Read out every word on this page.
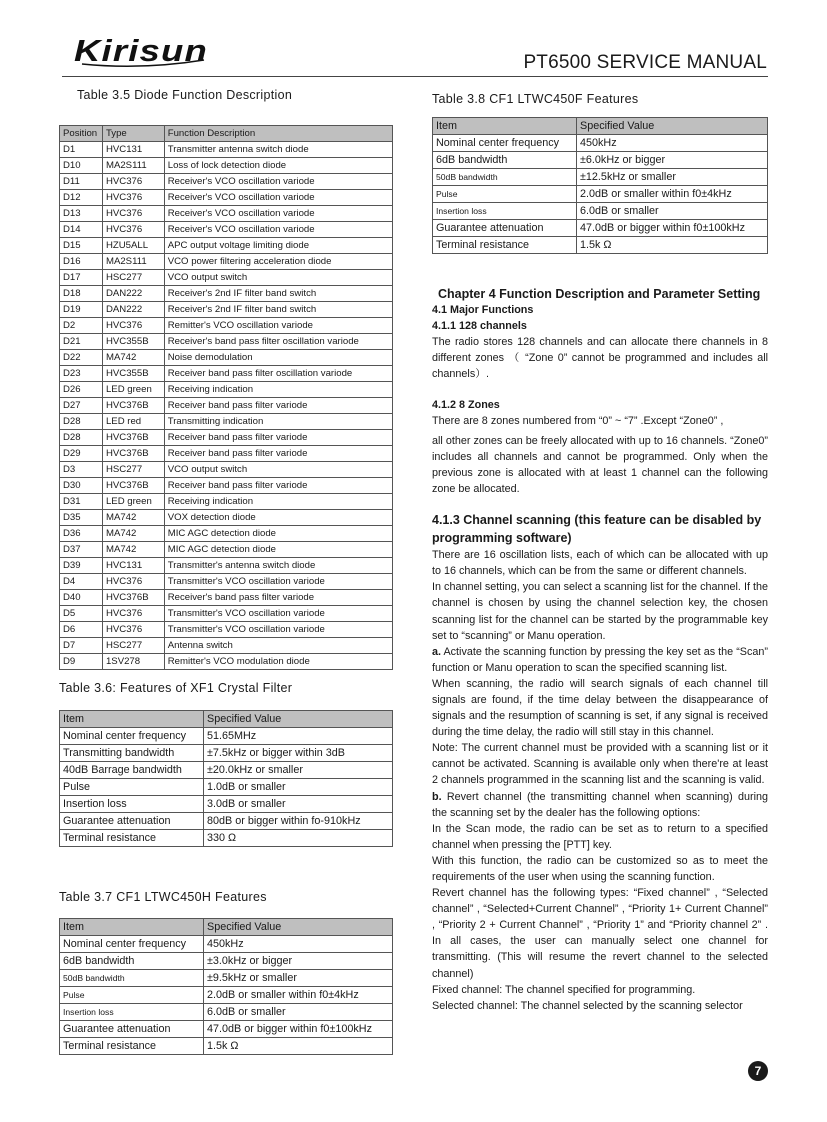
Kirisun	PT6500 SERVICE MANUAL
Table 3.5 Diode Function Description
Position	Type	Function Description
D1	HVC131	Transmitter antenna switch diode
D10	MA2S111	Loss of lock detection diode
D11	HVC376	Receiver's VCO oscillation variode
D12	HVC376	Receiver's VCO oscillation variode
D13	HVC376	Receiver's VCO oscillation variode
D14	HVC376	Receiver's VCO oscillation variode
D15	HZU5ALL	APC output voltage limiting diode
D16	MA2S111	VCO power filtering acceleration diode
D17	HSC277	VCO output switch
D18	DAN222	Receiver's 2nd IF filter band switch
D19	DAN222	Receiver's 2nd IF filter band switch
D2	HVC376	Remitter's VCO oscillation variode
D21	HVC355B	Receiver's band pass filter oscillation variode
D22	MA742	Noise demodulation
D23	HVC355B	Receiver band pass filter oscillation variode
D26	LED green	Receiving indication
D27	HVC376B	Receiver band pass filter variode
D28	LED red	Transmitting indication
D28	HVC376B	Receiver band pass filter variode
D29	HVC376B	Receiver band pass filter variode
D3	HSC277	VCO output switch
D30	HVC376B	Receiver band pass filter variode
D31	LED green	Receiving indication
D35	MA742	VOX detection diode
D36	MA742	MIC AGC detection diode
D37	MA742	MIC AGC detection diode
D39	HVC131	Transmitter's antenna switch diode
D4	HVC376	Transmitter's VCO oscillation variode
D40	HVC376B	Receiver's band pass filter variode
D5	HVC376	Transmitter's VCO oscillation variode
D6	HVC376	Transmitter's VCO oscillation variode
D7	HSC277	Antenna switch
D9	1SV278	Remitter's VCO modulation diode
Table 3.6: Features of XF1 Crystal Filter
Item	Specified Value
Nominal center frequency	51.65MHz
Transmitting bandwidth	±7.5kHz or bigger within 3dB
40dB Barrage bandwidth	±20.0kHz or smaller
Pulse	1.0dB or smaller
Insertion loss	3.0dB or smaller
Guarantee attenuation	80dB or bigger within fo-910kHz
Terminal resistance	330 Ω
Table 3.7 CF1 LTWC450H Features
Item	Specified Value
Nominal center frequency	450kHz
6dB bandwidth	±3.0kHz or bigger
50dB bandwidth	±9.5kHz or smaller
Pulse	2.0dB or smaller within f0±4kHz
Insertion loss	6.0dB or smaller
Guarantee attenuation	47.0dB or bigger within f0±100kHz
Terminal resistance	1.5k Ω
Table 3.8 CF1 LTWC450F Features
Item	Specified Value
Nominal center frequency	450kHz
6dB bandwidth	±6.0kHz or bigger
50dB bandwidth	±12.5kHz or smaller
Pulse	2.0dB or smaller within f0±4kHz
Insertion loss	6.0dB or smaller
Guarantee attenuation	47.0dB or bigger within f0±100kHz
Terminal resistance	1.5k Ω
Chapter 4 Function Description and Parameter Setting
4.1 Major Functions
4.1.1 128 channels

The radio stores 128 channels and can allocate there channels in 8 different zones （ “Zone 0” cannot be programmed and includes all channels）.

4.1.2 8 Zones

There are 8 zones numbered from “0” ~ “7” .Except “Zone0” ,

all other zones can be freely allocated with up to 16 channels. “Zone0” includes all channels and cannot be programmed. Only when the previous zone is allocated with at least 1 channel can the following zone be allocated.

4.1.3 Channel scanning (this feature can be disabled by programming software)

There are 16 oscillation lists, each of which can be allocated with up to 16 channels, which can be from the same or different channels.

In channel setting, you can select a scanning list for the channel. If the channel is chosen by using the channel selection key, the chosen scanning list for the channel can be started by the programmable key set to “scanning” or Manu operation.

a. Activate the scanning function by pressing the key set as the “Scan” function or Manu operation to scan the specified scanning list.

When scanning, the radio will search signals of each channel till signals are found, if the time delay between the disappearance of signals and the resumption of scanning is set, if any signal is received during the time delay, the radio will still stay in this channel.

Note: The current channel must be provided with a scanning list or it cannot be activated. Scanning is available only when there're at least 2 channels programmed in the scanning list and the scanning is valid.

b. Revert channel (the transmitting channel when scanning) during the scanning set by the dealer has the following options:

In the Scan mode, the radio can be set as to return to a specified channel when pressing the [PTT] key.

With this function, the radio can be customized so as to meet the requirements of the user when using the scanning function.

Revert channel has the following types: “Fixed channel” , “Selected channel” , “Selected+Current Channel” , “Priority 1+ Current Channel” , “Priority 2 + Current Channel” , “Priority 1” and “Priority channel 2” . In all cases, the user can manually select one channel for transmitting. (This will resume the revert channel to the selected channel)

Fixed channel: The channel specified for programming.

Selected channel: The channel selected by the scanning selector

7
